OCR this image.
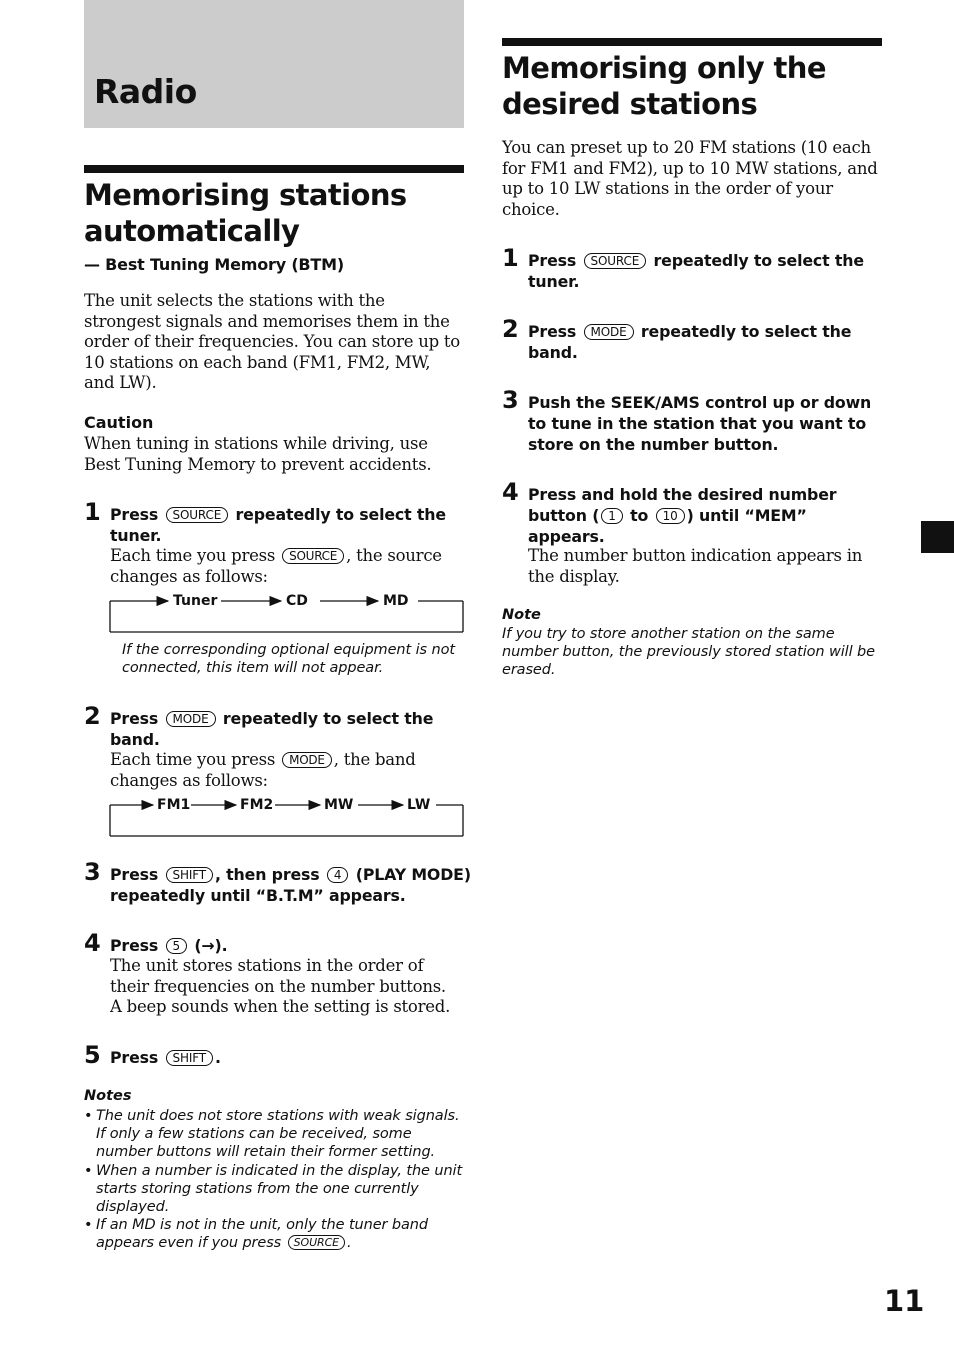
Radio
Memorising stations
automatically
— Best Tuning Memory (BTM)
The unit selects the stations with the strongest signals and memorises them in the order of their frequencies. You can store up to 10 stations on each band (FM1, FM2, MW, and LW).
Caution
When tuning in stations while driving, use Best Tuning Memory to prevent accidents.
1 Press SOURCE repeatedly to select the tuner.
Each time you press SOURCE , the source changes as follows:
Tuner	CD	MD
If the corresponding optional equipment is not connected, this item will not appear.
2 Press MODE repeatedly to select the band.
Each time you press MODE , the band changes as follows:
FM1	FM2	MW	LW
3 Press SHIFT , then press 4 (PLAY MODE) repeatedly until “B.T.M” appears.
4 Press 5 (→).
The unit stores stations in the order of their frequencies on the number buttons.
A beep sounds when the setting is stored.
5 Press SHIFT .
Notes
• The unit does not store stations with weak signals. If only a few stations can be received, some number buttons will retain their former setting.
• When a number is indicated in the display, the unit starts storing stations from the one currently displayed.
• If an MD is not in the unit, only the tuner band appears even if you press SOURCE .
Memorising only the
desired stations
You can preset up to 20 FM stations (10 each for FM1 and FM2), up to 10 MW stations, and up to 10 LW stations in the order of your choice.
1 Press SOURCE repeatedly to select the tuner.
2 Press MODE repeatedly to select the band.
3 Push the SEEK/AMS control up or down to tune in the station that you want to store on the number button.
4 Press and hold the desired number button ( 1 to 10 ) until “MEM” appears.
The number button indication appears in the display.
Note
If you try to store another station on the same number button, the previously stored station will be erased.
11
